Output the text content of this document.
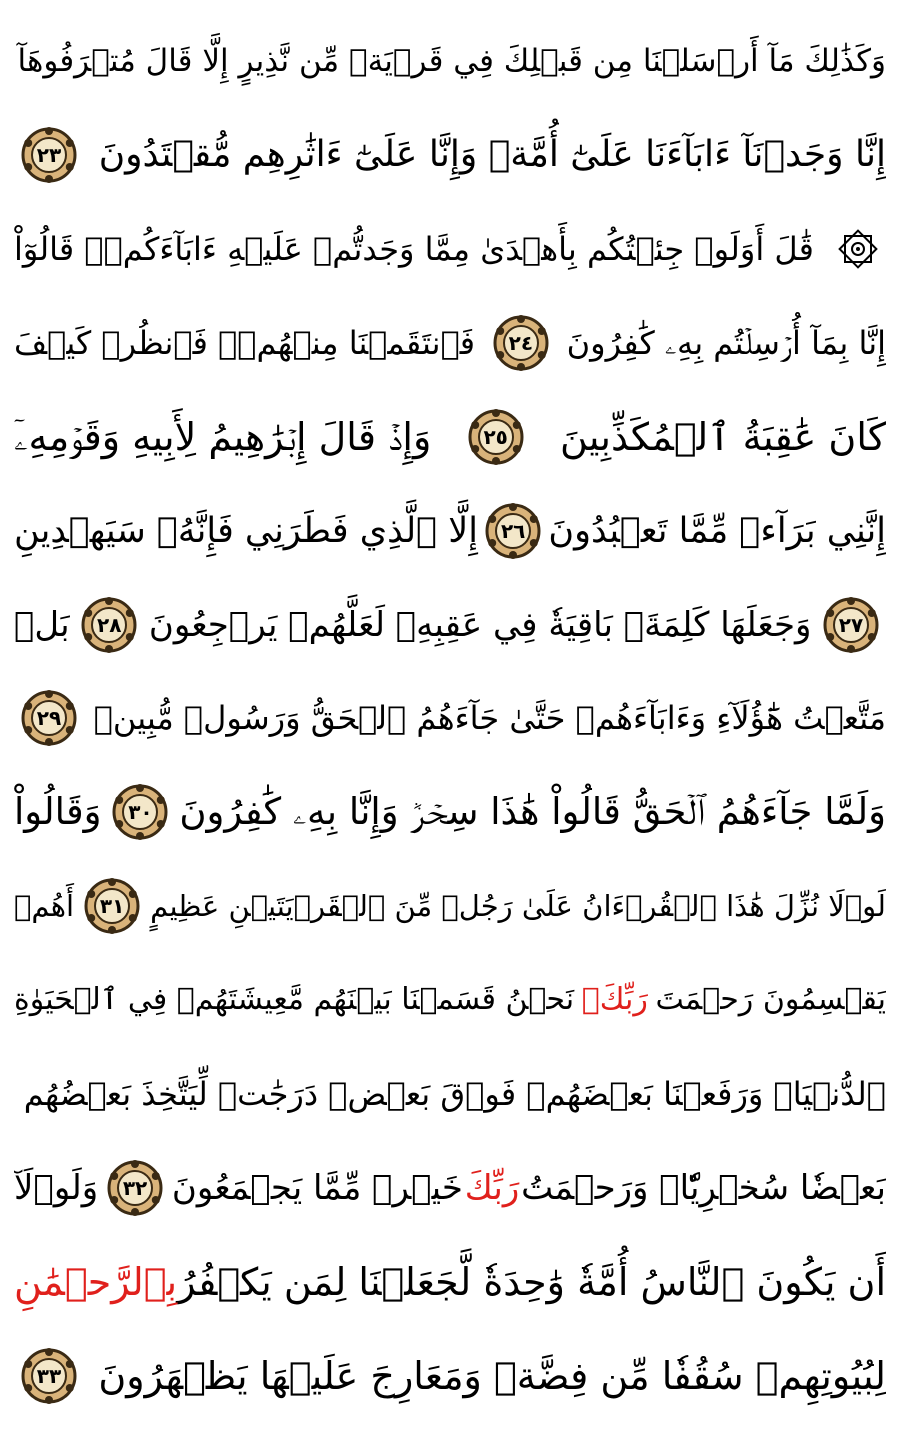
وَكَذَٰلِكَ مَآ أَرۡسَلۡنَا مِن قَبۡلِكَ فِي قَرۡيَةٖ مِّن نَّذِيرٍ إِلَّا قَالَ مُتۡرَفُوهَآ
إِنَّا وَجَدۡنَآ ءَابَآءَنَا عَلَىٰٓ أُمَّةٖ وَإِنَّا عَلَىٰٓ ءَاثَٰرِهِم مُّقۡتَدُونَ
٢٣
قَٰلَ أَوَلَوۡ جِئۡتُكُم بِأَهۡدَىٰ مِمَّا وَجَدتُّمۡ عَلَيۡهِ ءَابَآءَكُمۡۖ قَالُوٓاْ
إِنَّا بِمَآ أُرۡسِلۡتُم بِهِۦ كَٰفِرُونَ
٢٤
فَٱنتَقَمۡنَا مِنۡهُمۡۖ فَٱنظُرۡ كَيۡفَ
كَانَ عَٰقِبَةُ ٱلۡمُكَذِّبِينَ
٢٥
وَإِذۡ قَالَ إِبۡرَٰهِيمُ لِأَبِيهِ وَقَوۡمِهِۦٓ
إِنَّنِي بَرَآءٞ مِّمَّا تَعۡبُدُونَ
٢٦
إِلَّا ٱلَّذِي فَطَرَنِي فَإِنَّهُۥ سَيَهۡدِينِ
٢٧
وَجَعَلَهَا كَلِمَةَۢ بَاقِيَةٗ فِي عَقِبِهِۦ لَعَلَّهُمۡ يَرۡجِعُونَ
٢٨
بَلۡ
مَتَّعۡتُ هَٰٓؤُلَآءِ وَءَابَآءَهُمۡ حَتَّىٰ جَآءَهُمُ ٱلۡحَقُّ وَرَسُولٞ مُّبِينٞ
٢٩
وَلَمَّا جَآءَهُمُ ٱلۡحَقُّ قَالُواْ هَٰذَا سِحۡرٞ وَإِنَّا بِهِۦ كَٰفِرُونَ
٣٠
وَقَالُواْ
لَوۡلَا نُزِّلَ هَٰذَا ٱلۡقُرۡءَانُ عَلَىٰ رَجُلٖ مِّنَ ٱلۡقَرۡيَتَيۡنِ عَظِيمٍ
٣١
أَهُمۡ
يَقۡسِمُونَ رَحۡمَتَ
رَبِّكَۚ
نَحۡنُ قَسَمۡنَا بَيۡنَهُم مَّعِيشَتَهُمۡ فِي ٱلۡحَيَوٰةِ
ٱلدُّنۡيَاۚ وَرَفَعۡنَا بَعۡضَهُمۡ فَوۡقَ بَعۡضٖ دَرَجَٰتٖ لِّيَتَّخِذَ بَعۡضُهُم
بَعۡضٗا سُخۡرِيّٗاۗ وَرَحۡمَتُ
رَبِّكَ
خَيۡرٞ مِّمَّا يَجۡمَعُونَ
٣٢
وَلَوۡلَآ
أَن يَكُونَ ٱلنَّاسُ أُمَّةٗ وَٰحِدَةٗ لَّجَعَلۡنَا لِمَن يَكۡفُرُ
بِٱلرَّحۡمَٰنِ
لِبُيُوتِهِمۡ سُقُفٗا مِّن فِضَّةٖ وَمَعَارِجَ عَلَيۡهَا يَظۡهَرُونَ
٣٣
